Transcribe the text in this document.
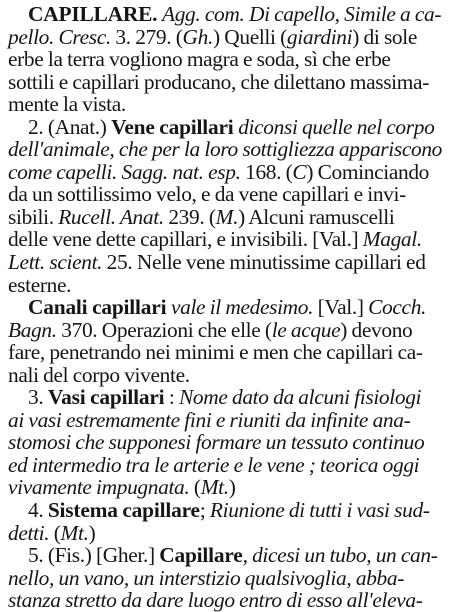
CAPILLARE. Agg. com. Di capello, Simile a ca-
pello. Cresc. 3. 279. (Gh.) Quelli (giardini) di sole
erbe la terra vogliono magra e soda, sì che erbe
sottili e capillari producano, che dilettano massima-
mente la vista.
2. (Anat.) Vene capillari diconsi quelle nel corpo
dell'animale, che per la loro sottigliezza appariscono
come capelli. Sagg. nat. esp. 168. (C) Cominciando
da un sottilissimo velo, e da vene capillari e invi-
sibili. Rucell. Anat. 239. (M.) Alcuni ramuscelli
delle vene dette capillari, e invisibili. [Val.] Magal.
Lett. scient. 25. Nelle vene minutissime capillari ed
esterne.
Canali capillari vale il medesimo. [Val.] Cocch.
Bagn. 370. Operazioni che elle (le acque) devono
fare, penetrando nei minimi e men che capillari ca-
nali del corpo vivente.
3. Vasi capillari : Nome dato da alcuni fisiologi
ai vasi estremamente fini e riuniti da infinite ana-
stomosi che supponesi formare un tessuto continuo
ed intermedio tra le arterie e le vene ; teorica oggi
vivamente impugnata. (Mt.)
4. Sistema capillare; Riunione di tutti i vasi sud-
detti. (Mt.)
5. (Fis.) [Gher.] Capillare, dicesi un tubo, un can-
nello, un vano, un interstizio qualsivoglia, abba-
stanza stretto da dare luogo entro di esso all'eleva-
